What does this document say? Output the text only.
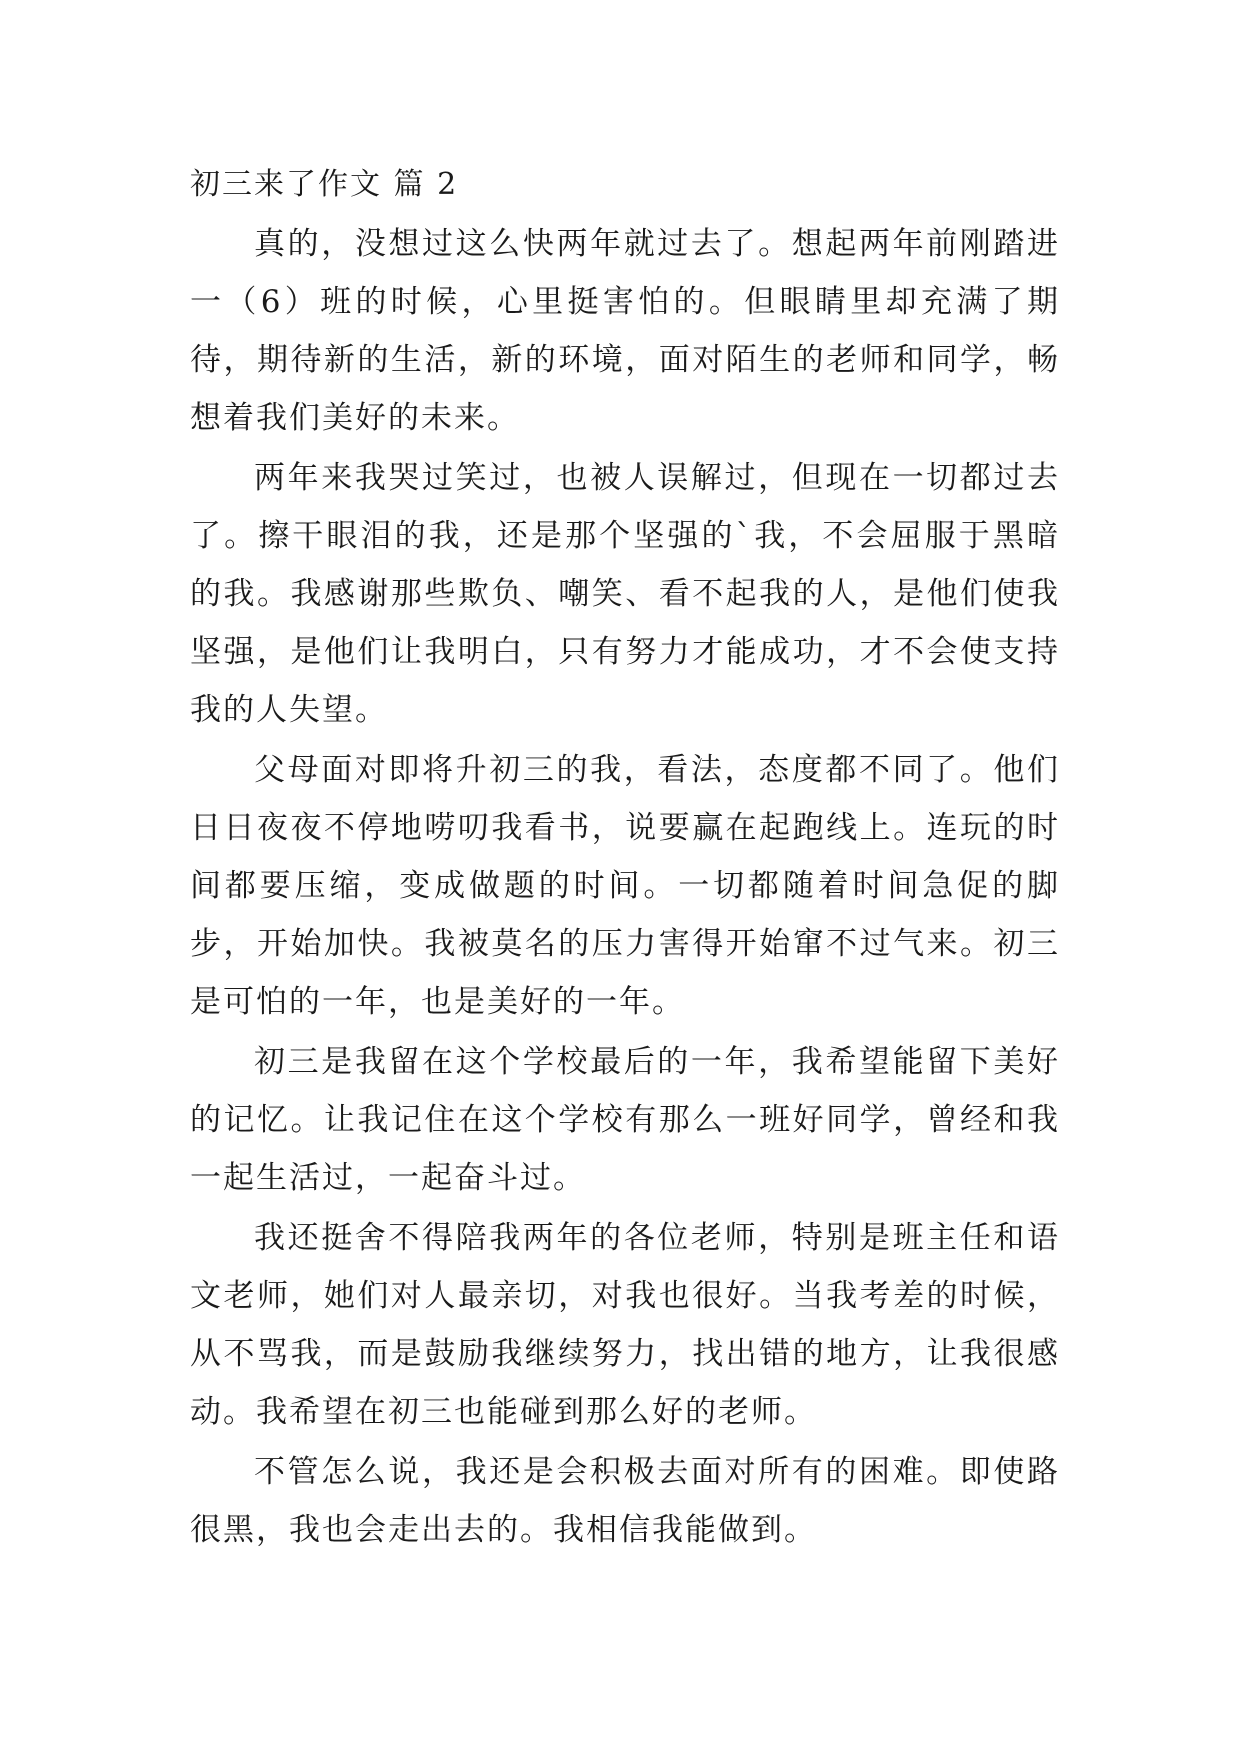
初三来了作文 篇 2

真的，没想过这么快两年就过去了。想起两年前刚踏进一（6）班的时候，心里挺害怕的。但眼睛里却充满了期待，期待新的生活，新的环境，面对陌生的老师和同学，畅想着我们美好的未来。

两年来我哭过笑过，也被人误解过，但现在一切都过去了。擦干眼泪的我，还是那个坚强的`我，不会屈服于黑暗的我。我感谢那些欺负、嘲笑、看不起我的人，是他们使我坚强，是他们让我明白，只有努力才能成功，才不会使支持我的人失望。

父母面对即将升初三的我，看法，态度都不同了。他们日日夜夜不停地唠叨我看书，说要赢在起跑线上。连玩的时间都要压缩，变成做题的时间。一切都随着时间急促的脚步，开始加快。我被莫名的压力害得开始窜不过气来。初三是可怕的一年，也是美好的一年。

初三是我留在这个学校最后的一年，我希望能留下美好的记忆。让我记住在这个学校有那么一班好同学，曾经和我一起生活过，一起奋斗过。

我还挺舍不得陪我两年的各位老师，特别是班主任和语文老师，她们对人最亲切，对我也很好。当我考差的时候，从不骂我，而是鼓励我继续努力，找出错的地方，让我很感动。我希望在初三也能碰到那么好的老师。

不管怎么说，我还是会积极去面对所有的困难。即使路很黑，我也会走出去的。我相信我能做到。
